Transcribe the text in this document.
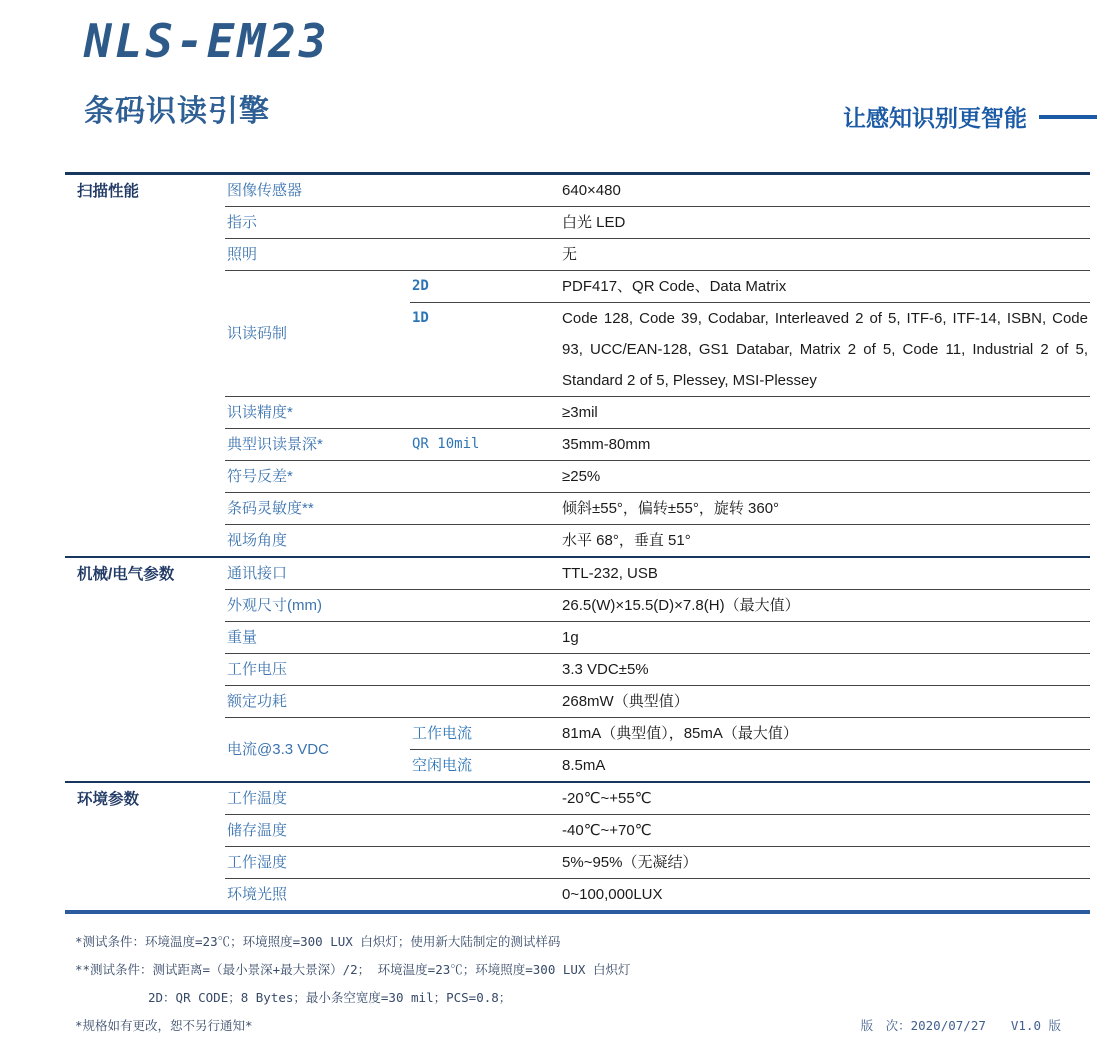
NLS-EM23
条码识读引擎	让感知识别更智能
扫描性能	图像传感器		640×480
	指示		白光 LED
	照明		无
	识读码制	2D	PDF417、QR Code、Data Matrix
		1D	Code 128, Code 39, Codabar, Interleaved 2 of 5, ITF-6, ITF-14, ISBN, Code 93, UCC/EAN-128, GS1 Databar, Matrix 2 of 5, Code 11, Industrial 2 of 5, Standard 2 of 5, Plessey, MSI-Plessey
	识读精度*		≥3mil
	典型识读景深*	QR 10mil	35mm-80mm
	符号反差*		≥25%
	条码灵敏度**		倾斜±55°，偏转±55°，旋转 360°
	视场角度		水平 68°，垂直 51°
机械/电气参数	通讯接口		TTL-232, USB
	外观尺寸(mm)		26.5(W)×15.5(D)×7.8(H)（最大值）
	重量		1g
	工作电压		3.3 VDC±5%
	额定功耗		268mW（典型值）
	电流@3.3 VDC	工作电流	81mA（典型值），85mA（最大值）
		空闲电流	8.5mA
环境参数	工作温度		-20℃~+55℃
	储存温度		-40℃~+70℃
	工作湿度		5%~95%（无凝结）
	环境光照		0~100,000LUX
*测试条件：环境温度=23℃；环境照度=300 LUX 白炽灯；使用新大陆制定的测试样码
**测试条件：测试距离=（最小景深+最大景深）/2； 环境温度=23℃；环境照度=300 LUX 白炽灯
2D：QR CODE；8 Bytes；最小条空宽度=30 mil；PCS=0.8；
*规格如有更改，恕不另行通知*	版　次：2020/07/27　　V1.0 版
